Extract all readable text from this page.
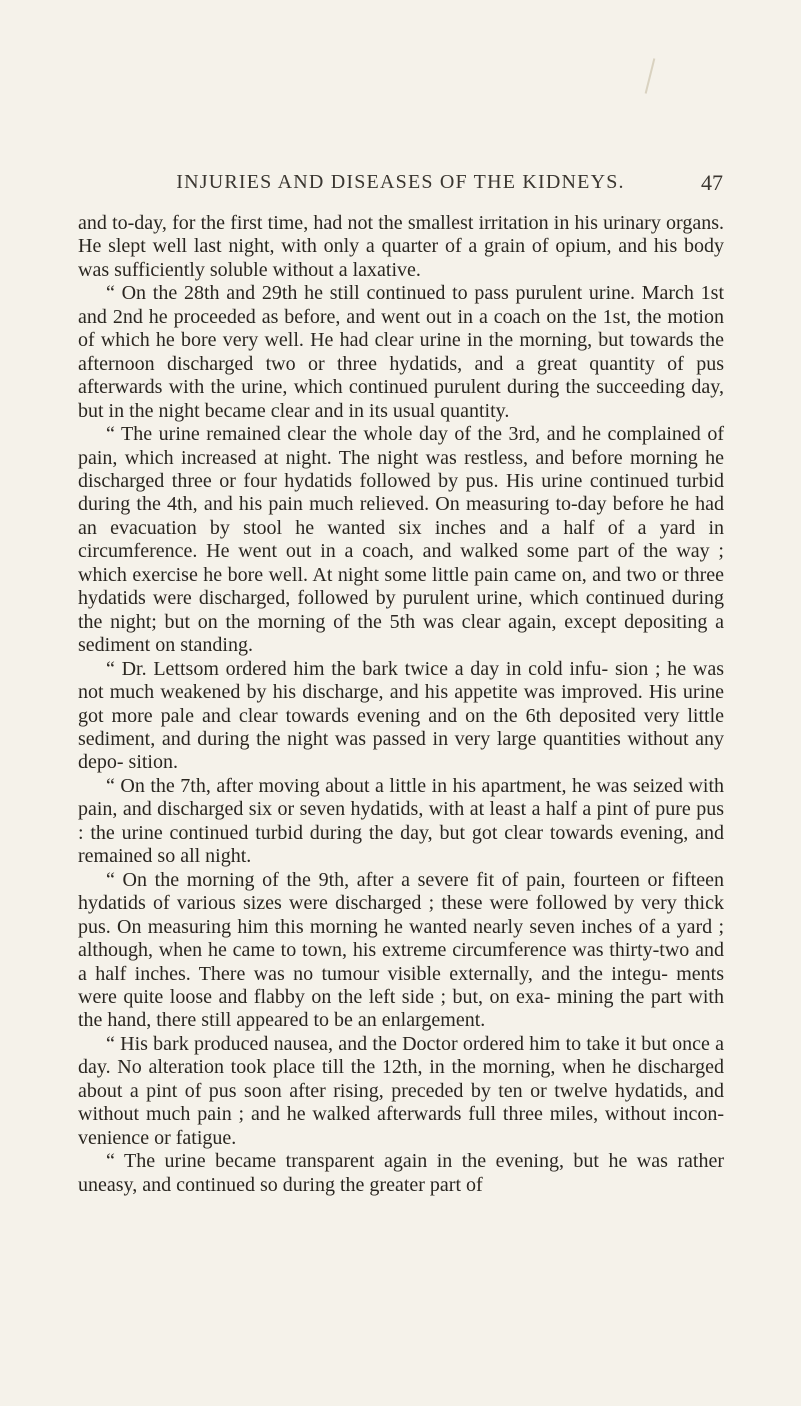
INJURIES AND DISEASES OF THE KIDNEYS.	47

and to-day, for the first time, had not the smallest irritation in his urinary organs. He slept well last night, with only a quarter of a grain of opium, and his body was sufficiently soluble without a laxative.

“ On the 28th and 29th he still continued to pass purulent urine. March 1st and 2nd he proceeded as before, and went out in a coach on the 1st, the motion of which he bore very well. He had clear urine in the morning, but towards the afternoon discharged two or three hydatids, and a great quantity of pus afterwards with the urine, which continued purulent during the succeeding day, but in the night became clear and in its usual quantity.

“ The urine remained clear the whole day of the 3rd, and he complained of pain, which increased at night. The night was restless, and before morning he discharged three or four hydatids followed by pus. His urine continued turbid during the 4th, and his pain much relieved. On measuring to-day before he had an evacuation by stool he wanted six inches and a half of a yard in circumference. He went out in a coach, and walked some part of the way ; which exercise he bore well. At night some little pain came on, and two or three hydatids were discharged, followed by purulent urine, which continued during the night; but on the morning of the 5th was clear again, except depositing a sediment on standing.

“ Dr. Lettsom ordered him the bark twice a day in cold infu- sion ; he was not much weakened by his discharge, and his appetite was improved. His urine got more pale and clear towards evening and on the 6th deposited very little sediment, and during the night was passed in very large quantities without any depo- sition.

“ On the 7th, after moving about a little in his apartment, he was seized with pain, and discharged six or seven hydatids, with at least a half a pint of pure pus : the urine continued turbid during the day, but got clear towards evening, and remained so all night.

“ On the morning of the 9th, after a severe fit of pain, fourteen or fifteen hydatids of various sizes were discharged ; these were followed by very thick pus. On measuring him this morning he wanted nearly seven inches of a yard ; although, when he came to town, his extreme circumference was thirty-two and a half inches. There was no tumour visible externally, and the integu- ments were quite loose and flabby on the left side ; but, on exa- mining the part with the hand, there still appeared to be an enlargement.

“ His bark produced nausea, and the Doctor ordered him to take it but once a day. No alteration took place till the 12th, in the morning, when he discharged about a pint of pus soon after rising, preceded by ten or twelve hydatids, and without much pain ; and he walked afterwards full three miles, without incon- venience or fatigue.

“ The urine became transparent again in the evening, but he was rather uneasy, and continued so during the greater part of
